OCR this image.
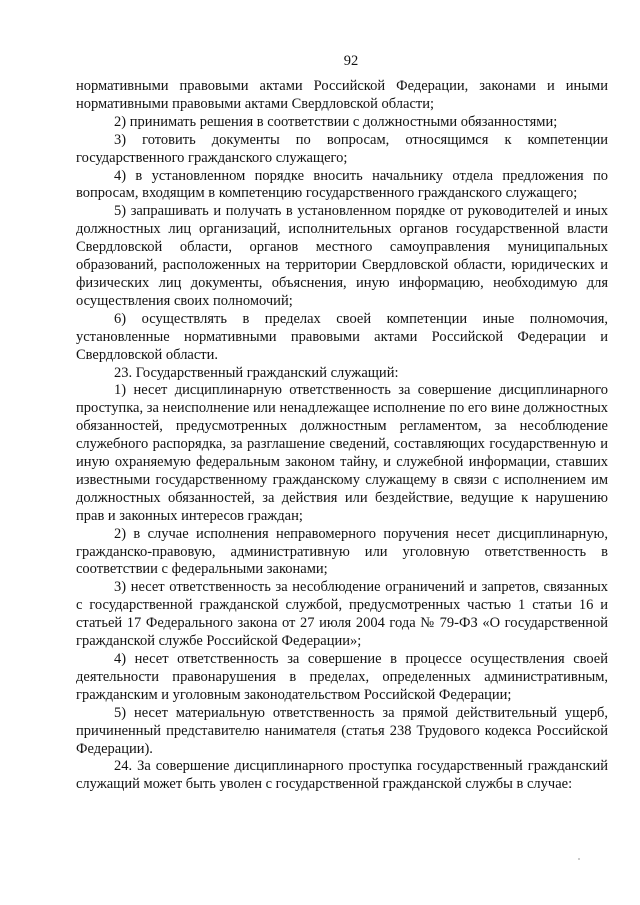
92

нормативными правовыми актами Российской Федерации, законами и иными нормативными правовыми актами Свердловской области;

2) принимать решения в соответствии с должностными обязанностями;

3) готовить документы по вопросам, относящимся к компетенции государственного гражданского служащего;

4) в установленном порядке вносить начальнику отдела предложения по вопросам, входящим в компетенцию государственного гражданского служащего;

5) запрашивать и получать в установленном порядке от руководителей и иных должностных лиц организаций, исполнительных органов государственной власти Свердловской области, органов местного самоуправления муниципальных образований, расположенных на территории Свердловской области, юридических и физических лиц документы, объяснения, иную информацию, необходимую для осуществления своих полномочий;

6) осуществлять в пределах своей компетенции иные полномочия, установленные нормативными правовыми актами Российской Федерации и Свердловской области.

23. Государственный гражданский служащий:

1) несет дисциплинарную ответственность за совершение дисциплинарного проступка, за неисполнение или ненадлежащее исполнение по его вине должностных обязанностей, предусмотренных должностным регламентом, за несоблюдение служебного распорядка, за разглашение сведений, составляющих государственную и иную охраняемую федеральным законом тайну, и служебной информации, ставших известными государственному гражданскому служащему в связи с исполнением им должностных обязанностей, за действия или бездействие, ведущие к нарушению прав и законных интересов граждан;

2) в случае исполнения неправомерного поручения несет дисциплинарную, гражданско-правовую, административную или уголовную ответственность в соответствии с федеральными законами;

3) несет ответственность за несоблюдение ограничений и запретов, связанных с государственной гражданской службой, предусмотренных частью 1 статьи 16 и статьей 17 Федерального закона от 27 июля 2004 года № 79-ФЗ «О государственной гражданской службе Российской Федерации»;

4) несет ответственность за совершение в процессе осуществления своей деятельности правонарушения в пределах, определенных административным, гражданским и уголовным законодательством Российской Федерации;

5) несет материальную ответственность за прямой действительный ущерб, причиненный представителю нанимателя (статья 238 Трудового кодекса Российской Федерации).

24. За совершение дисциплинарного проступка государственный гражданский служащий может быть уволен с государственной гражданской службы в случае:
